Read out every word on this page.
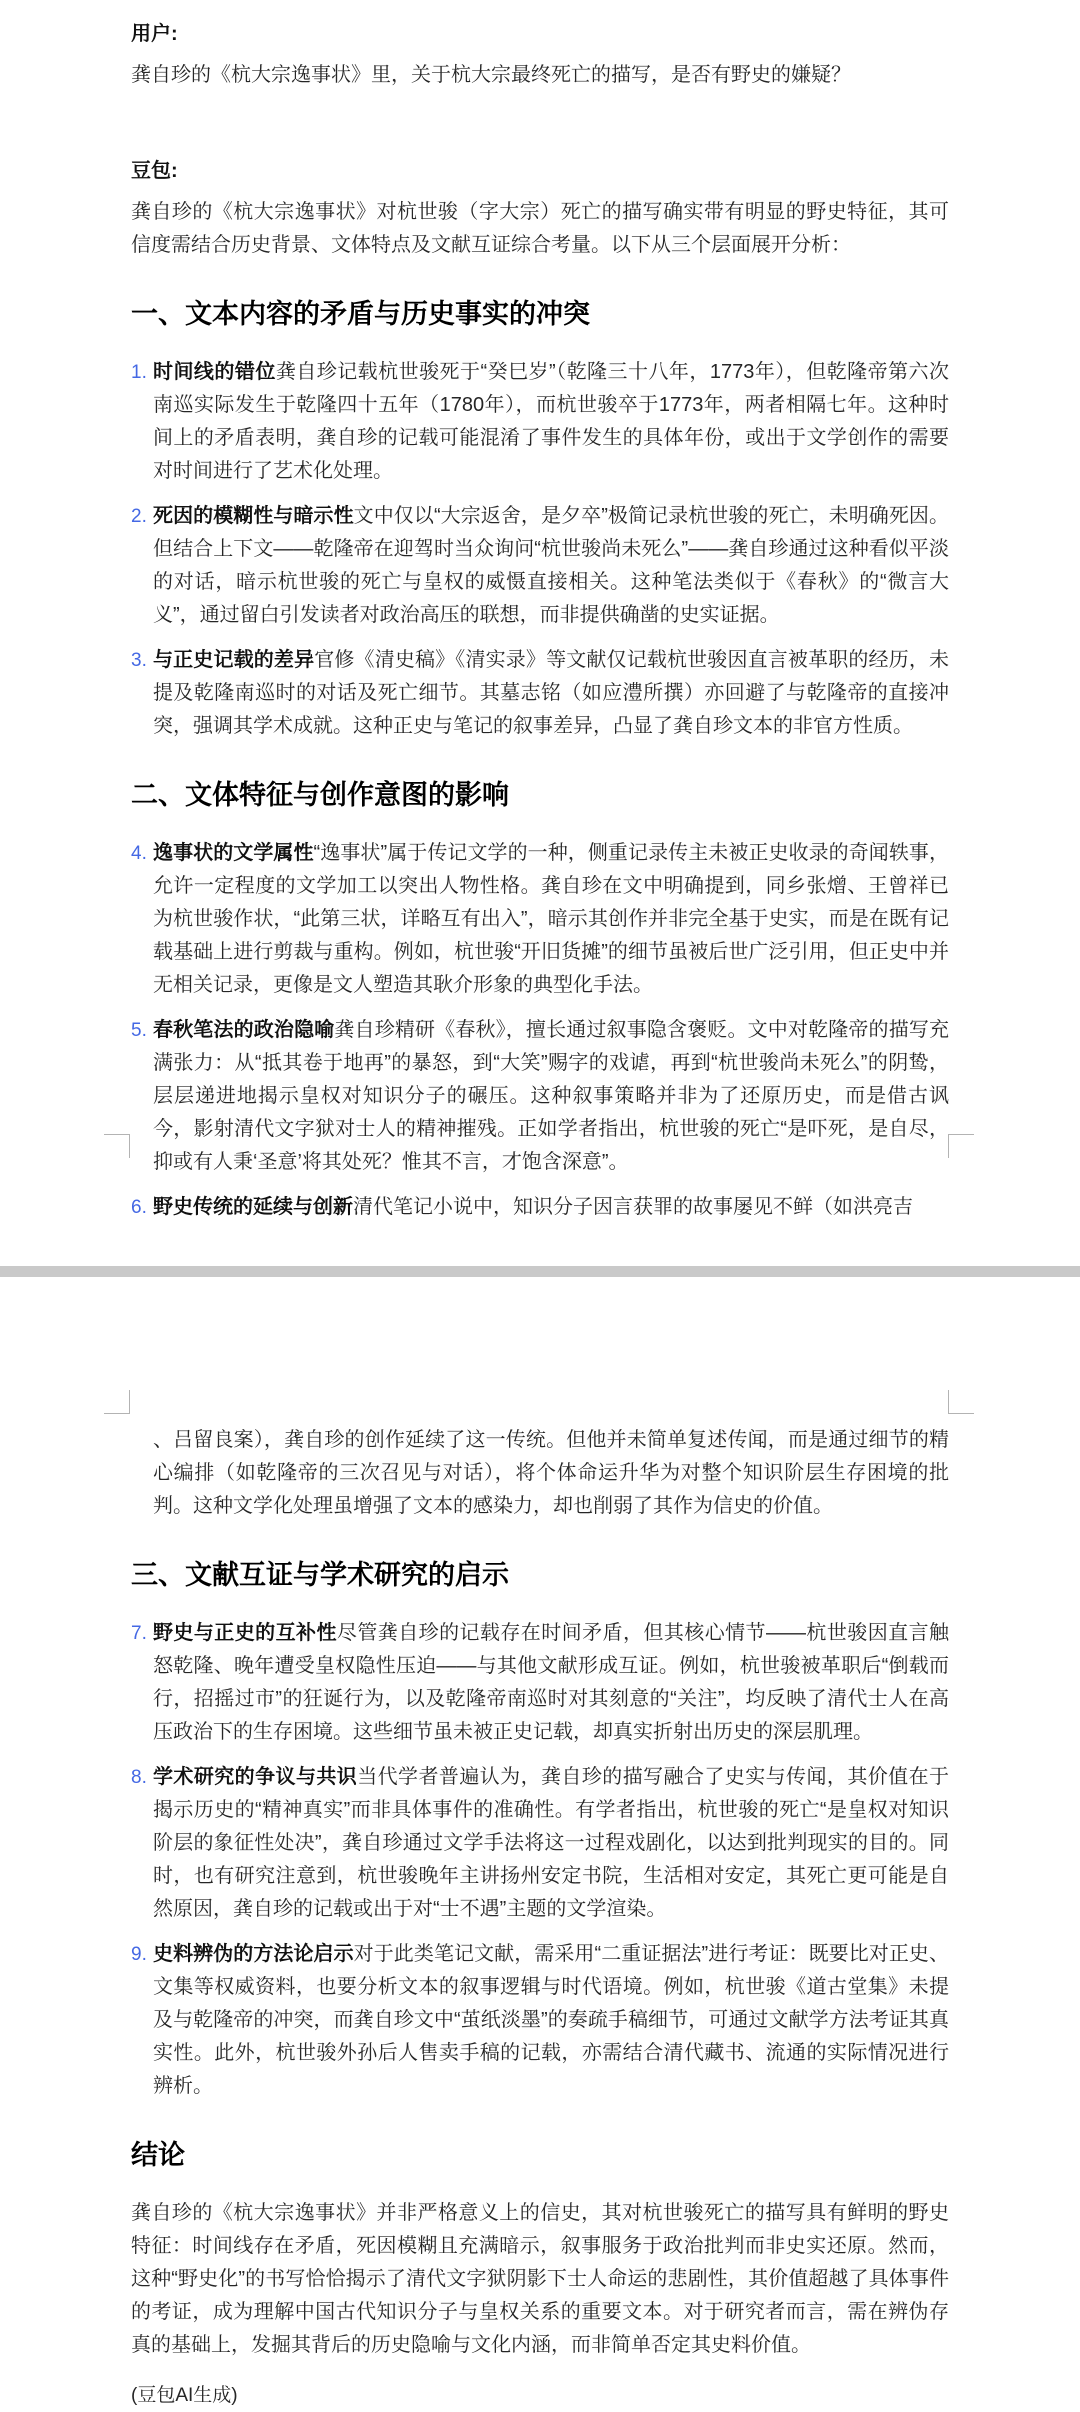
用户:

龚自珍的《杭大宗逸事状》里，关于杭大宗最终死亡的描写，是否有野史的嫌疑？

豆包:

龚自珍的《杭大宗逸事状》对杭世骏（字大宗）死亡的描写确实带有明显的野史特征，其可信度需结合历史背景、文体特点及文献互证综合考量。以下从三个层面展开分析：

一、文本内容的矛盾与历史事实的冲突

1. 时间线的错位龚自珍记载杭世骏死于“癸巳岁”（乾隆三十八年，1773年），但乾隆帝第六次南巡实际发生于乾隆四十五年（1780年），而杭世骏卒于1773年，两者相隔七年。这种时间上的矛盾表明，龚自珍的记载可能混淆了事件发生的具体年份，或出于文学创作的需要对时间进行了艺术化处理。

2. 死因的模糊性与暗示性文中仅以“大宗返舍，是夕卒”极简记录杭世骏的死亡，未明确死因。但结合上下文——乾隆帝在迎驾时当众询问“杭世骏尚未死么”——龚自珍通过这种看似平淡的对话，暗示杭世骏的死亡与皇权的威慑直接相关。这种笔法类似于《春秋》的“微言大义”，通过留白引发读者对政治高压的联想，而非提供确凿的史实证据。

3. 与正史记载的差异官修《清史稿》《清实录》等文献仅记载杭世骏因直言被革职的经历，未提及乾隆南巡时的对话及死亡细节。其墓志铭（如应澧所撰）亦回避了与乾隆帝的直接冲突，强调其学术成就。这种正史与笔记的叙事差异，凸显了龚自珍文本的非官方性质。

二、文体特征与创作意图的影响

4. 逸事状的文学属性“逸事状”属于传记文学的一种，侧重记录传主未被正史收录的奇闻轶事，允许一定程度的文学加工以突出人物性格。龚自珍在文中明确提到，同乡张熷、王曾祥已为杭世骏作状，“此第三状，详略互有出入”，暗示其创作并非完全基于史实，而是在既有记载基础上进行剪裁与重构。例如，杭世骏“开旧货摊”的细节虽被后世广泛引用，但正史中并无相关记录，更像是文人塑造其耿介形象的典型化手法。

5. 春秋笔法的政治隐喻龚自珍精研《春秋》，擅长通过叙事隐含褒贬。文中对乾隆帝的描写充满张力：从“抵其卷于地再”的暴怒，到“大笑”赐字的戏谑，再到“杭世骏尚未死么”的阴鸷，层层递进地揭示皇权对知识分子的碾压。这种叙事策略并非为了还原历史，而是借古讽今，影射清代文字狱对士人的精神摧残。正如学者指出，杭世骏的死亡“是吓死，是自尽，抑或有人秉‘圣意’将其处死？惟其不言，才饱含深意”。

6. 野史传统的延续与创新清代笔记小说中，知识分子因言获罪的故事屡见不鲜（如洪亮吉

、吕留良案），龚自珍的创作延续了这一传统。但他并未简单复述传闻，而是通过细节的精心编排（如乾隆帝的三次召见与对话），将个体命运升华为对整个知识阶层生存困境的批判。这种文学化处理虽增强了文本的感染力，却也削弱了其作为信史的价值。

三、文献互证与学术研究的启示

7. 野史与正史的互补性尽管龚自珍的记载存在时间矛盾，但其核心情节——杭世骏因直言触怒乾隆、晚年遭受皇权隐性压迫——与其他文献形成互证。例如，杭世骏被革职后“倒载而行，招摇过市”的狂诞行为，以及乾隆帝南巡时对其刻意的“关注”，均反映了清代士人在高压政治下的生存困境。这些细节虽未被正史记载，却真实折射出历史的深层肌理。

8. 学术研究的争议与共识当代学者普遍认为，龚自珍的描写融合了史实与传闻，其价值在于揭示历史的“精神真实”而非具体事件的准确性。有学者指出，杭世骏的死亡“是皇权对知识阶层的象征性处决”，龚自珍通过文学手法将这一过程戏剧化，以达到批判现实的目的。同时，也有研究注意到，杭世骏晚年主讲扬州安定书院，生活相对安定，其死亡更可能是自然原因，龚自珍的记载或出于对“士不遇”主题的文学渲染。

9. 史料辨伪的方法论启示对于此类笔记文献，需采用“二重证据法”进行考证：既要比对正史、文集等权威资料，也要分析文本的叙事逻辑与时代语境。例如，杭世骏《道古堂集》未提及与乾隆帝的冲突，而龚自珍文中“茧纸淡墨”的奏疏手稿细节，可通过文献学方法考证其真实性。此外，杭世骏外孙后人售卖手稿的记载，亦需结合清代藏书、流通的实际情况进行辨析。

结论

龚自珍的《杭大宗逸事状》并非严格意义上的信史，其对杭世骏死亡的描写具有鲜明的野史特征：时间线存在矛盾，死因模糊且充满暗示，叙事服务于政治批判而非史实还原。然而，这种“野史化”的书写恰恰揭示了清代文字狱阴影下士人命运的悲剧性，其价值超越了具体事件的考证，成为理解中国古代知识分子与皇权关系的重要文本。对于研究者而言，需在辨伪存真的基础上，发掘其背后的历史隐喻与文化内涵，而非简单否定其史料价值。

(豆包AI生成)
